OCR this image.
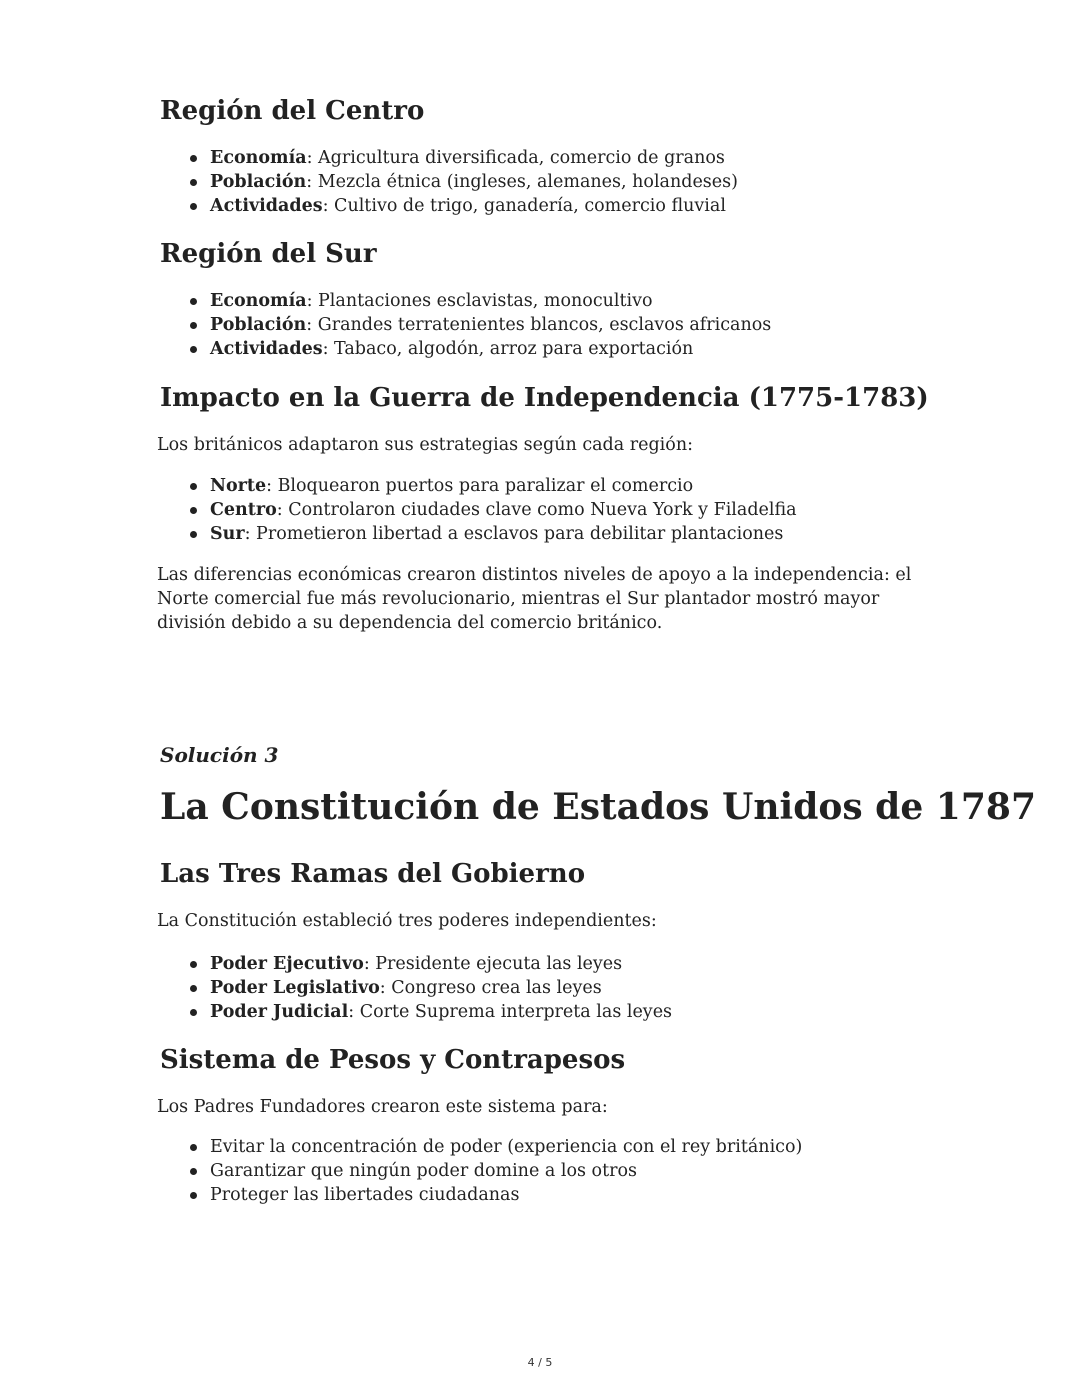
Región del Centro
Economía: Agricultura diversificada, comercio de granos
Población: Mezcla étnica (ingleses, alemanes, holandeses)
Actividades: Cultivo de trigo, ganadería, comercio fluvial
Región del Sur
Economía: Plantaciones esclavistas, monocultivo
Población: Grandes terratenientes blancos, esclavos africanos
Actividades: Tabaco, algodón, arroz para exportación
Impacto en la Guerra de Independencia (1775-1783)

Los británicos adaptaron sus estrategias según cada región:

Norte: Bloquearon puertos para paralizar el comercio
Centro: Controlaron ciudades clave como Nueva York y Filadelfia
Sur: Prometieron libertad a esclavos para debilitar plantaciones

Las diferencias económicas crearon distintos niveles de apoyo a la independencia: el Norte comercial fue más revolucionario, mientras el Sur plantador mostró mayor división debido a su dependencia del comercio británico.

Solución 3
La Constitución de Estados Unidos de 1787
Las Tres Ramas del Gobierno

La Constitución estableció tres poderes independientes:

Poder Ejecutivo: Presidente ejecuta las leyes
Poder Legislativo: Congreso crea las leyes
Poder Judicial: Corte Suprema interpreta las leyes
Sistema de Pesos y Contrapesos

Los Padres Fundadores crearon este sistema para:

Evitar la concentración de poder (experiencia con el rey británico)
Garantizar que ningún poder domine a los otros
Proteger las libertades ciudadanas
4 / 5
